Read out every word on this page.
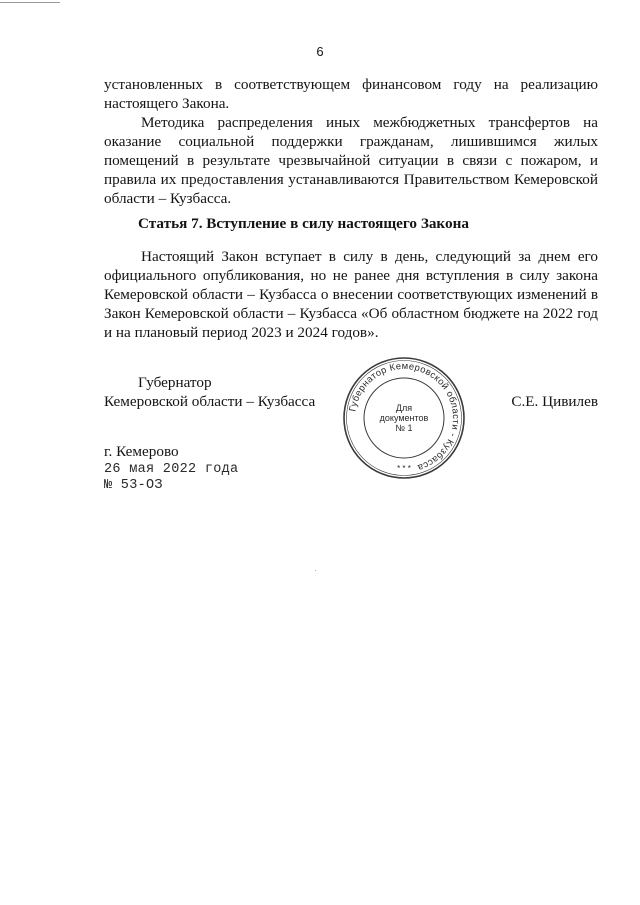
6

установленных в соответствующем финансовом году на реализацию настоящего Закона.

Методика распределения иных межбюджетных трансфертов на оказание социальной поддержки гражданам, лишившимся жилых помещений в результате чрезвычайной ситуации в связи с пожаром, и правила их предоставления устанавливаются Правительством Кемеровской области – Кузбасса.

Статья 7. Вступление в силу настоящего Закона

Настоящий Закон вступает в силу в день, следующий за днем его официального опубликования, но не ранее дня вступления в силу закона Кемеровской области – Кузбасса о внесении соответствующих изменений в Закон Кемеровской области – Кузбасса «Об областном бюджете на 2022 год и на плановый период 2023 и 2024 годов».

Губернатор
Кемеровской области – Кузбасса	С.Е. Цивилев
Губернатор Кемеровской области - Кузбасса
Для
документов
№ 1
* * *
г. Кемерово
26 мая 2022 года
№ 53-ОЗ
